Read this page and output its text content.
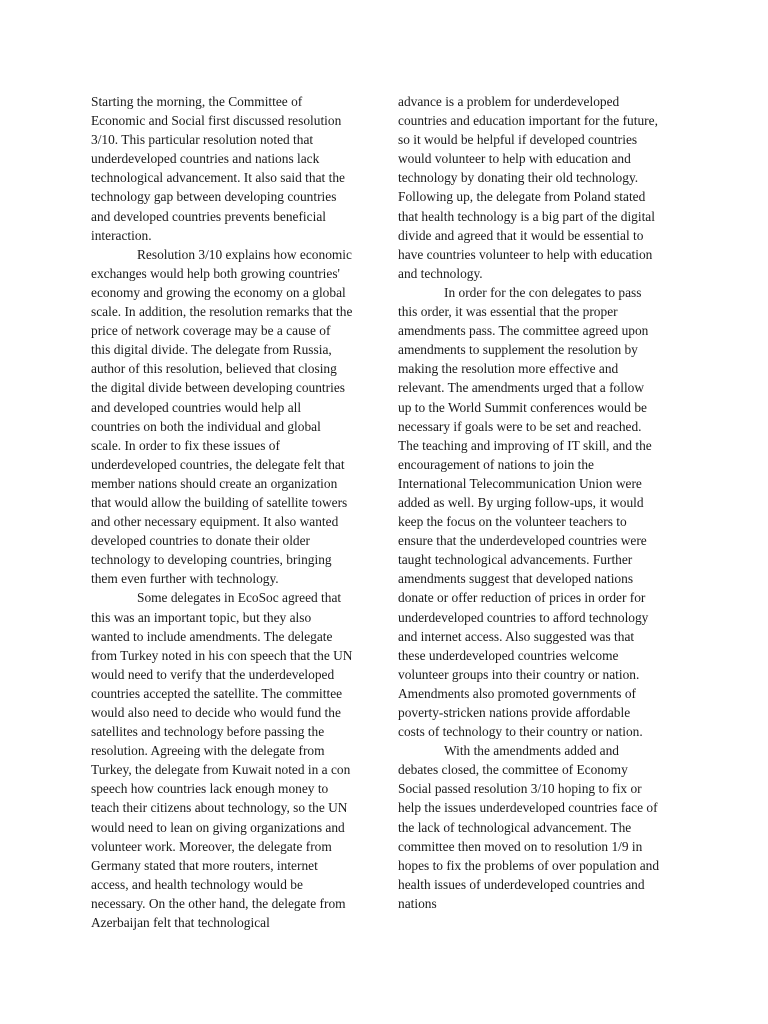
Starting the morning, the Committee of Economic and Social first discussed resolution 3/10. This particular resolution noted that underdeveloped countries and nations lack technological advancement. It also said that the technology gap between developing countries and developed countries prevents beneficial interaction.

Resolution 3/10 explains how economic exchanges would help both growing countries' economy and growing the economy on a global scale. In addition, the resolution remarks that the price of network coverage may be a cause of this digital divide. The delegate from Russia, author of this resolution, believed that closing the digital divide between developing countries and developed countries would help all countries on both the individual and global scale. In order to fix these issues of underdeveloped countries, the delegate felt that member nations should create an organization that would allow the building of satellite towers and other necessary equipment. It also wanted developed countries to donate their older technology to developing countries, bringing them even further with technology.

Some delegates in EcoSoc agreed that this was an important topic, but they also wanted to include amendments. The delegate from Turkey noted in his con speech that the UN would need to verify that the underdeveloped countries accepted the satellite. The committee would also need to decide who would fund the satellites and technology before passing the resolution. Agreeing with the delegate from Turkey, the delegate from Kuwait noted in a con speech how countries lack enough money to teach their citizens about technology, so the UN would need to lean on giving organizations and volunteer work. Moreover, the delegate from Germany stated that more routers, internet access, and health technology would be necessary. On the other hand, the delegate from Azerbaijan felt that technological

advance is a problem for underdeveloped countries and education important for the future, so it would be helpful if developed countries would volunteer to help with education and technology by donating their old technology. Following up, the delegate from Poland stated that health technology is a big part of the digital divide and agreed that it would be essential to have countries volunteer to help with education and technology.

In order for the con delegates to pass this order, it was essential that the proper amendments pass. The committee agreed upon amendments to supplement the resolution by making the resolution more effective and relevant. The amendments urged that a follow up to the World Summit conferences would be necessary if goals were to be set and reached. The teaching and improving of IT skill, and the encouragement of nations to join the International Telecommunication Union were added as well. By urging follow-ups, it would keep the focus on the volunteer teachers to ensure that the underdeveloped countries were taught technological advancements. Further amendments suggest that developed nations donate or offer reduction of prices in order for underdeveloped countries to afford technology and internet access. Also suggested was that these underdeveloped countries welcome volunteer groups into their country or nation. Amendments also promoted governments of poverty-stricken nations provide affordable costs of technology to their country or nation.

With the amendments added and debates closed, the committee of Economy Social passed resolution 3/10 hoping to fix or help the issues underdeveloped countries face of the lack of technological advancement. The committee then moved on to resolution 1/9 in hopes to fix the problems of over population and health issues of underdeveloped countries and nations
